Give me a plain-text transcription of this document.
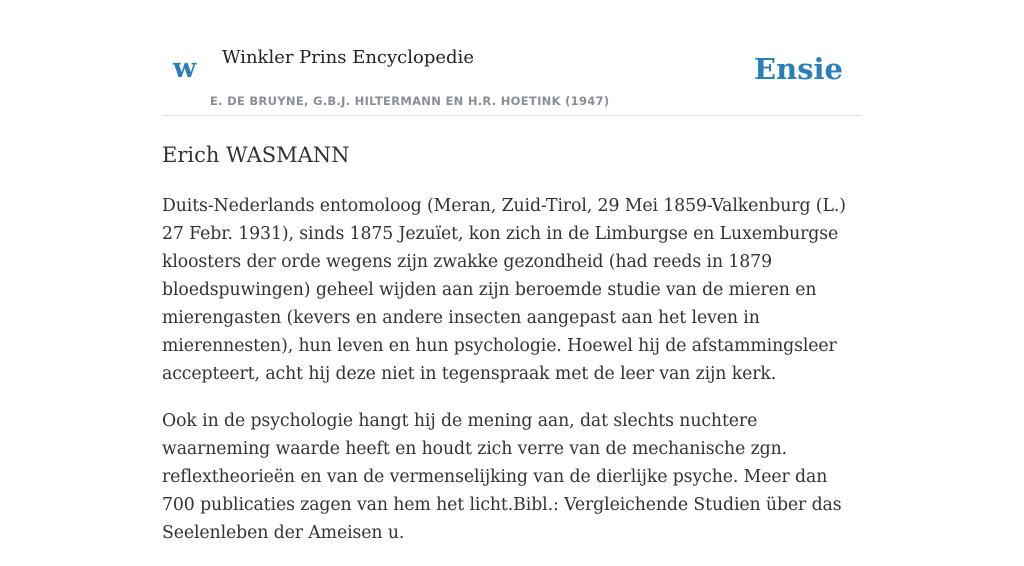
w Winkler Prins Encyclopedie
E. DE BRUYNE, G.B.J. HILTERMANN EN H.R. HOETINK (1947)
Ensie
Erich WASMANN

Duits-Nederlands entomoloog (Meran, Zuid-Tirol, 29 Mei 1859-Valkenburg (L.) 27 Febr. 1931), sinds 1875 Jezuïet, kon zich in de Limburgse en Luxemburgse kloosters der orde wegens zijn zwakke gezondheid (had reeds in 1879 bloedspuwingen) geheel wijden aan zijn beroemde studie van de mieren en mierengasten (kevers en andere insecten aangepast aan het leven in mierennesten), hun leven en hun psychologie. Hoewel hij de afstammingsleer accepteert, acht hij deze niet in tegenspraak met de leer van zijn kerk.

Ook in de psychologie hangt hij de mening aan, dat slechts nuchtere waarneming waarde heeft en houdt zich verre van de mechanische zgn. reflextheorieën en van de vermenselijking van de dierlijke psyche. Meer dan 700 publicaties zagen van hem het licht.Bibl.: Vergleichende Studien über das Seelenleben der Ameisen u.
